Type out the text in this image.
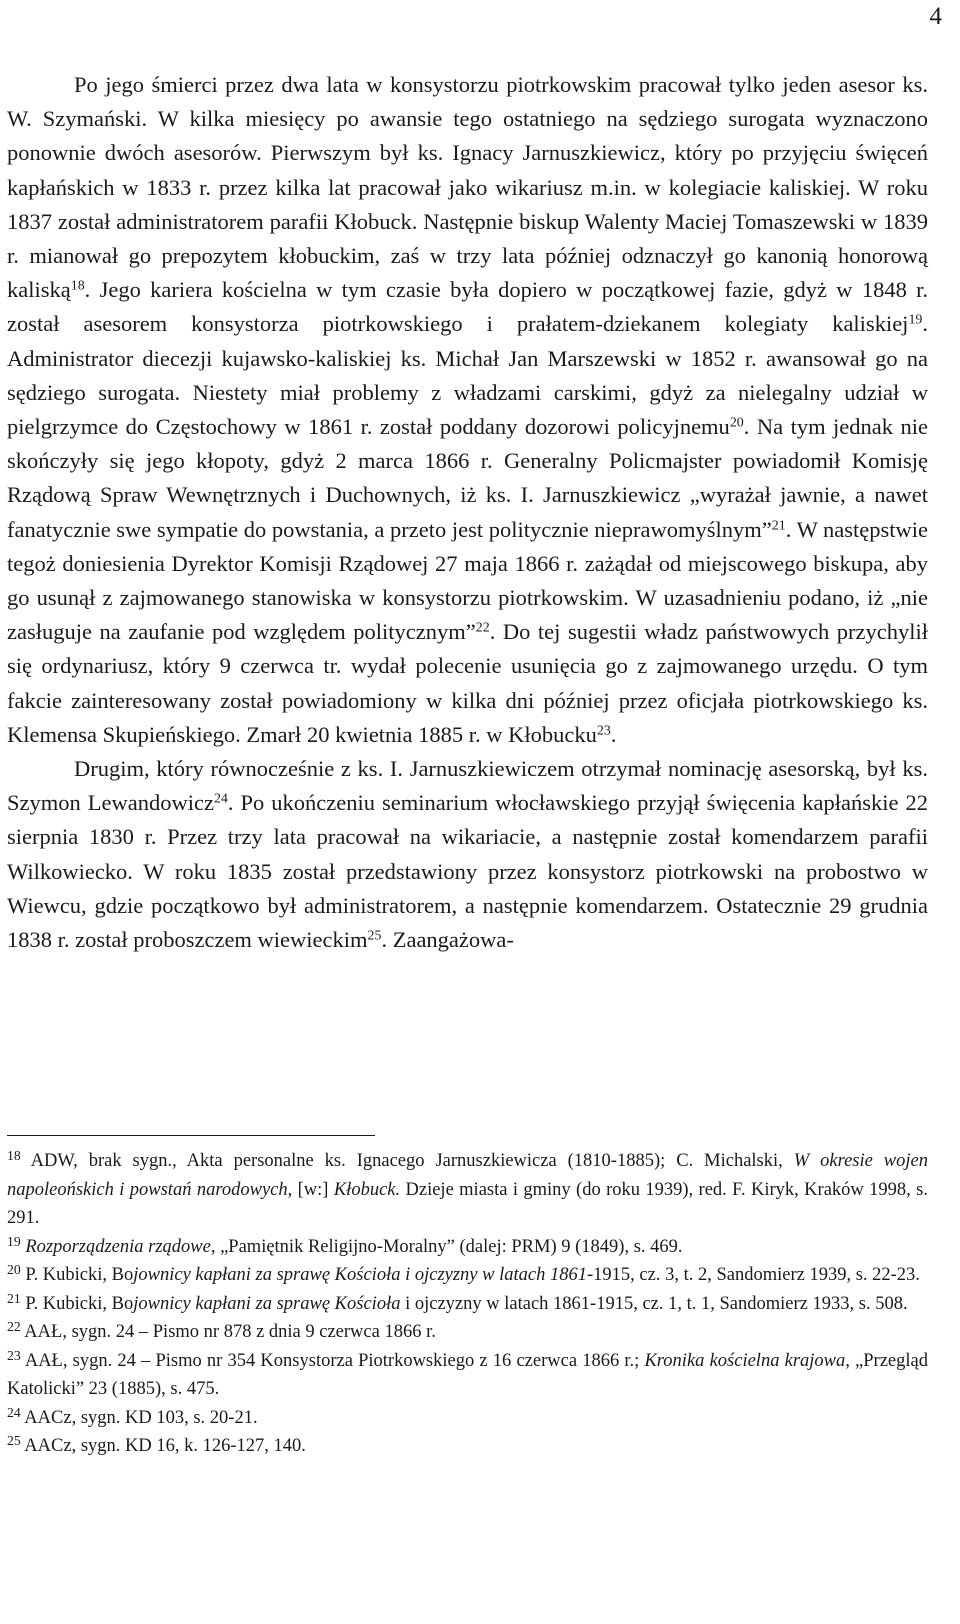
4

Po jego śmierci przez dwa lata w konsystorzu piotrkowskim pracował tylko jeden asesor ks. W. Szymański. W kilka miesięcy po awansie tego ostatniego na sędziego surogata wyznaczono ponownie dwóch asesorów. Pierwszym był ks. Ignacy Jarnuszkiewicz, który po przyjęciu święceń kapłańskich w 1833 r. przez kilka lat pracował jako wikariusz m.in. w kolegiacie kaliskiej. W roku 1837 został administratorem parafii Kłobuck. Następnie biskup Walenty Maciej Tomaszewski w 1839 r. mianował go prepozytem kłobuckim, zaś w trzy lata później odznaczył go kanonią honorową kaliską$^{18}$. Jego kariera kościelna w tym czasie była dopiero w początkowej fazie, gdyż w 1848 r. został asesorem konsystorza piotrkowskiego i prałatem-dziekanem kolegiaty kaliskiej$^{19}$. Administrator diecezji kujawsko-kaliskiej ks. Michał Jan Marszewski w 1852 r. awansował go na sędziego surogata. Niestety miał problemy z władzami carskimi, gdyż za nielegalny udział w pielgrzymce do Częstochowy w 1861 r. został poddany dozorowi policyjnemu$^{20}$. Na tym jednak nie skończyły się jego kłopoty, gdyż 2 marca 1866 r. Generalny Policmajster powiadomił Komisję Rządową Spraw Wewnętrznych i Duchownych, iż ks. I. Jarnuszkiewicz „wyrażał jawnie, a nawet fanatycznie swe sympatie do powstania, a przeto jest politycznie nieprawomyślnym”$^{21}$. W następstwie tegoż doniesienia Dyrektor Komisji Rządowej 27 maja 1866 r. zażądał od miejscowego biskupa, aby go usunął z zajmowanego stanowiska w konsystorzu piotrkowskim. W uzasadnieniu podano, iż „nie zasługuje na zaufanie pod względem politycznym”$^{22}$. Do tej sugestii władz państwowych przychylił się ordynariusz, który 9 czerwca tr. wydał polecenie usunięcia go z zajmowanego urzędu. O tym fakcie zainteresowany został powiadomiony w kilka dni później przez oficjała piotrkowskiego ks. Klemensa Skupieńskiego. Zmarł 20 kwietnia 1885 r. w Kłobucku$^{23}$.

Drugim, który równocześnie z ks. I. Jarnuszkiewiczem otrzymał nominację asesorską, był ks. Szymon Lewandowicz$^{24}$. Po ukończeniu seminarium włocławskiego przyjął święcenia kapłańskie 22 sierpnia 1830 r. Przez trzy lata pracował na wikariacie, a następnie został komendarzem parafii Wilkowiecko. W roku 1835 został przedstawiony przez konsystorz piotrkowski na probostwo w Wiewcu, gdzie początkowo był administratorem, a następnie komendarzem. Ostatecznie 29 grudnia 1838 r. został proboszczem wiewieckim$^{25}$. Zaangażowa-

$^{18}$ ADW, brak sygn., Akta personalne ks. Ignacego Jarnuszkiewicza (1810-1885); C. Michalski, W okresie wojen napoleońskich i powstań narodowych, [w:] Kłobuck. Dzieje miasta i gminy (do roku 1939), red. F. Kiryk, Kraków 1998, s. 291.

$^{19}$ Rozporządzenia rządowe, „Pamiętnik Religijno-Moralny” (dalej: PRM) 9 (1849), s. 469.

$^{20}$ P. Kubicki, Bojownicy kapłani za sprawę Kościoła i ojczyzny w latach 1861-1915, cz. 3, t. 2, Sandomierz 1939, s. 22-23.

$^{21}$ P. Kubicki, Bojownicy kapłani za sprawę Kościoła i ojczyzny w latach 1861-1915, cz. 1, t. 1, Sandomierz 1933, s. 508.

$^{22}$ AAŁ, sygn. 24 – Pismo nr 878 z dnia 9 czerwca 1866 r.

$^{23}$ AAŁ, sygn. 24 – Pismo nr 354 Konsystorza Piotrkowskiego z 16 czerwca 1866 r.; Kronika kościelna krajowa, „Przegląd Katolicki” 23 (1885), s. 475.

$^{24}$ AACz, sygn. KD 103, s. 20-21.

$^{25}$ AACz, sygn. KD 16, k. 126-127, 140.
